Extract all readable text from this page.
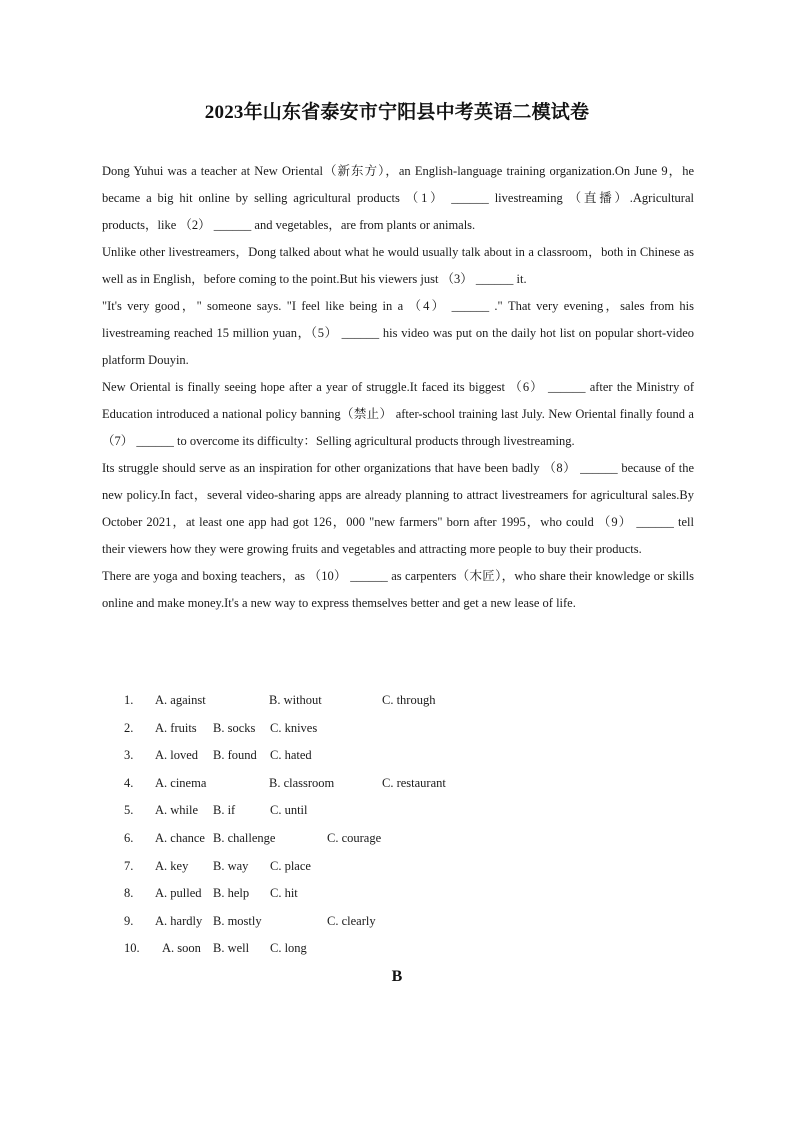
2023年山东省泰安市宁阳县中考英语二模试卷

Dong Yuhui was a teacher at New Oriental（新东方），an English-language training organization.On June 9，he became a big hit online by selling agricultural products （1） ______ livestreaming （直播）.Agricultural products，like （2） ______ and vegetables，are from plants or animals.

Unlike other livestreamers，Dong talked about what he would usually talk about in a classroom，both in Chinese as well as in English，before coming to the point.But his viewers just （3） ______ it.

"It's very good，" someone says. "I feel like being in a （4） ______ ." That very evening，sales from his livestreaming reached 15 million yuan，（5） ______ his video was put on the daily hot list on popular short-video platform Douyin.

New Oriental is finally seeing hope after a year of struggle.It faced its biggest （6） ______ after the Ministry of Education introduced a national policy banning（禁止） after-school training last July. New Oriental finally found a （7） ______ to overcome its difficulty：Selling agricultural products through livestreaming.

Its struggle should serve as an inspiration for other organizations that have been badly （8） ______ because of the new policy.In fact，several video-sharing apps are already planning to attract livestreamers for agricultural sales.By October 2021，at least one app had got 126，000 "new farmers" born after 1995，who could （9） ______ tell their viewers how they were growing fruits and vegetables and attracting more people to buy their products.

There are yoga and boxing teachers，as （10） ______ as carpenters（木匠），who share their knowledge or skills online and make money.It's a new way to express themselves better and get a new lease of life.

1. A. against	B. without	C. through
2. A. fruits B. socks C. knives
3. A. loved B. found C. hated
4. A. cinema	B. classroom	C. restaurant
5. A. while B. if	C. until
6. A. chance B. challenge	C. courage
7. A. key B. way C. place
8. A. pulled B. help C. hit
9. A. hardly B. mostly	C. clearly
10. A. soon B. well C. long
B
